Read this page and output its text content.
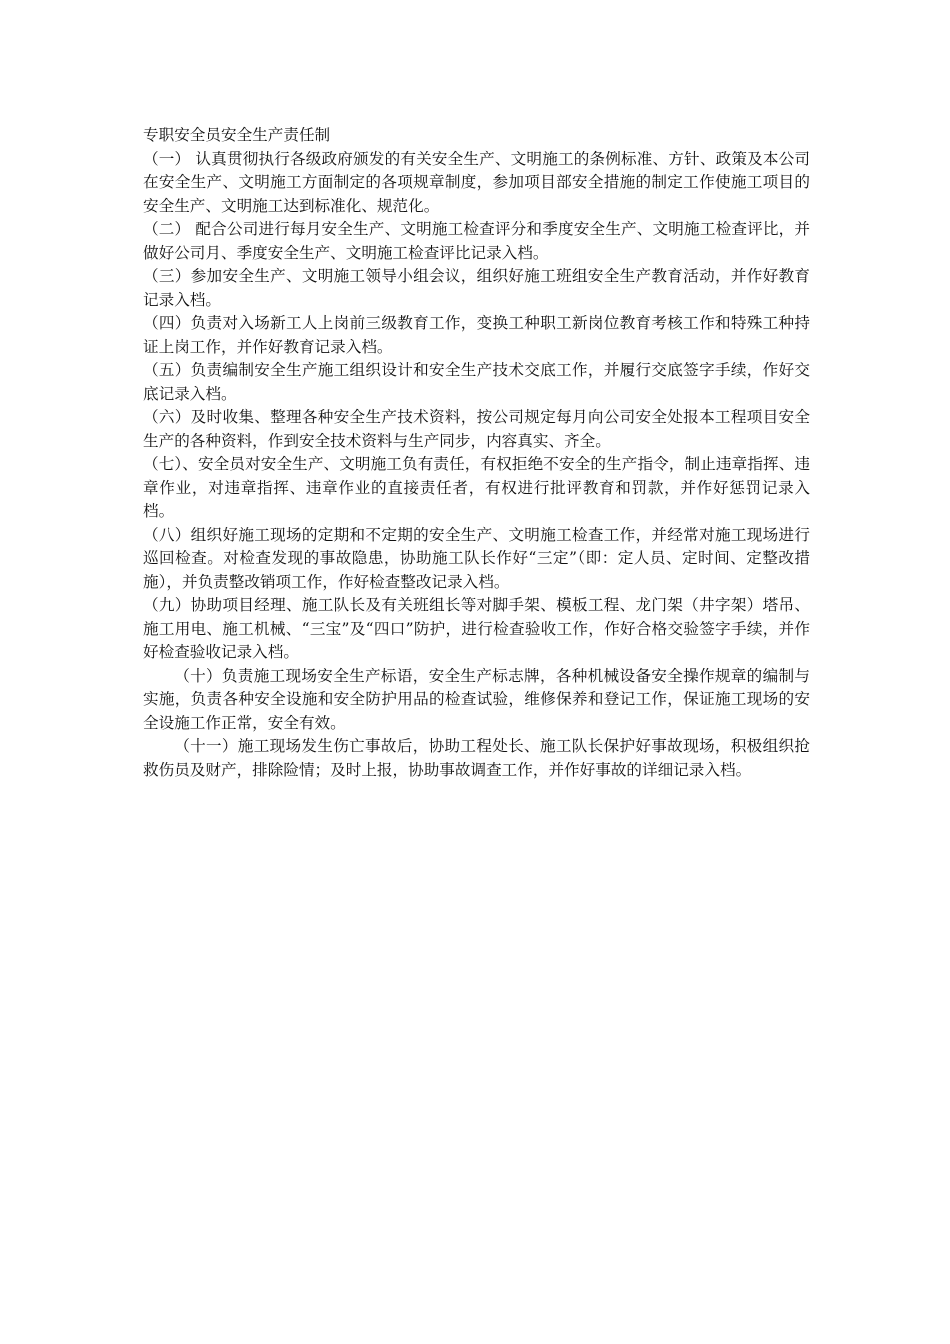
专职安全员安全生产责任制

（一） 认真贯彻执行各级政府颁发的有关安全生产、文明施工的条例标准、方针、政策及本公司在安全生产、文明施工方面制定的各项规章制度，参加项目部安全措施的制定工作使施工项目的安全生产、文明施工达到标准化、规范化。

（二） 配合公司进行每月安全生产、文明施工检查评分和季度安全生产、文明施工检查评比，并做好公司月、季度安全生产、文明施工检查评比记录入档。

（三）参加安全生产、文明施工领导小组会议，组织好施工班组安全生产教育活动，并作好教育记录入档。

（四）负责对入场新工人上岗前三级教育工作，变换工种职工新岗位教育考核工作和特殊工种持证上岗工作，并作好教育记录入档。

（五）负责编制安全生产施工组织设计和安全生产技术交底工作，并履行交底签字手续，作好交底记录入档。

（六）及时收集、整理各种安全生产技术资料，按公司规定每月向公司安全处报本工程项目安全生产的各种资料，作到安全技术资料与生产同步，内容真实、齐全。

（七）、安全员对安全生产、文明施工负有责任，有权拒绝不安全的生产指令，制止违章指挥、违章作业，对违章指挥、违章作业的直接责任者，有权进行批评教育和罚款，并作好惩罚记录入档。

（八）组织好施工现场的定期和不定期的安全生产、文明施工检查工作，并经常对施工现场进行巡回检查。对检查发现的事故隐患，协助施工队长作好“三定”（即：定人员、定时间、定整改措施），并负责整改销项工作，作好检查整改记录入档。

（九）协助项目经理、施工队长及有关班组长等对脚手架、模板工程、龙门架（井字架）塔吊、施工用电、施工机械、“三宝”及“四口”防护，进行检查验收工作，作好合格交验签字手续，并作好检查验收记录入档。

（十）负责施工现场安全生产标语，安全生产标志牌，各种机械设备安全操作规章的编制与实施，负责各种安全设施和安全防护用品的检查试验，维修保养和登记工作，保证施工现场的安全设施工作正常，安全有效。

（十一）施工现场发生伤亡事故后，协助工程处长、施工队长保护好事故现场，积极组织抢救伤员及财产，排除险情；及时上报，协助事故调查工作，并作好事故的详细记录入档。
